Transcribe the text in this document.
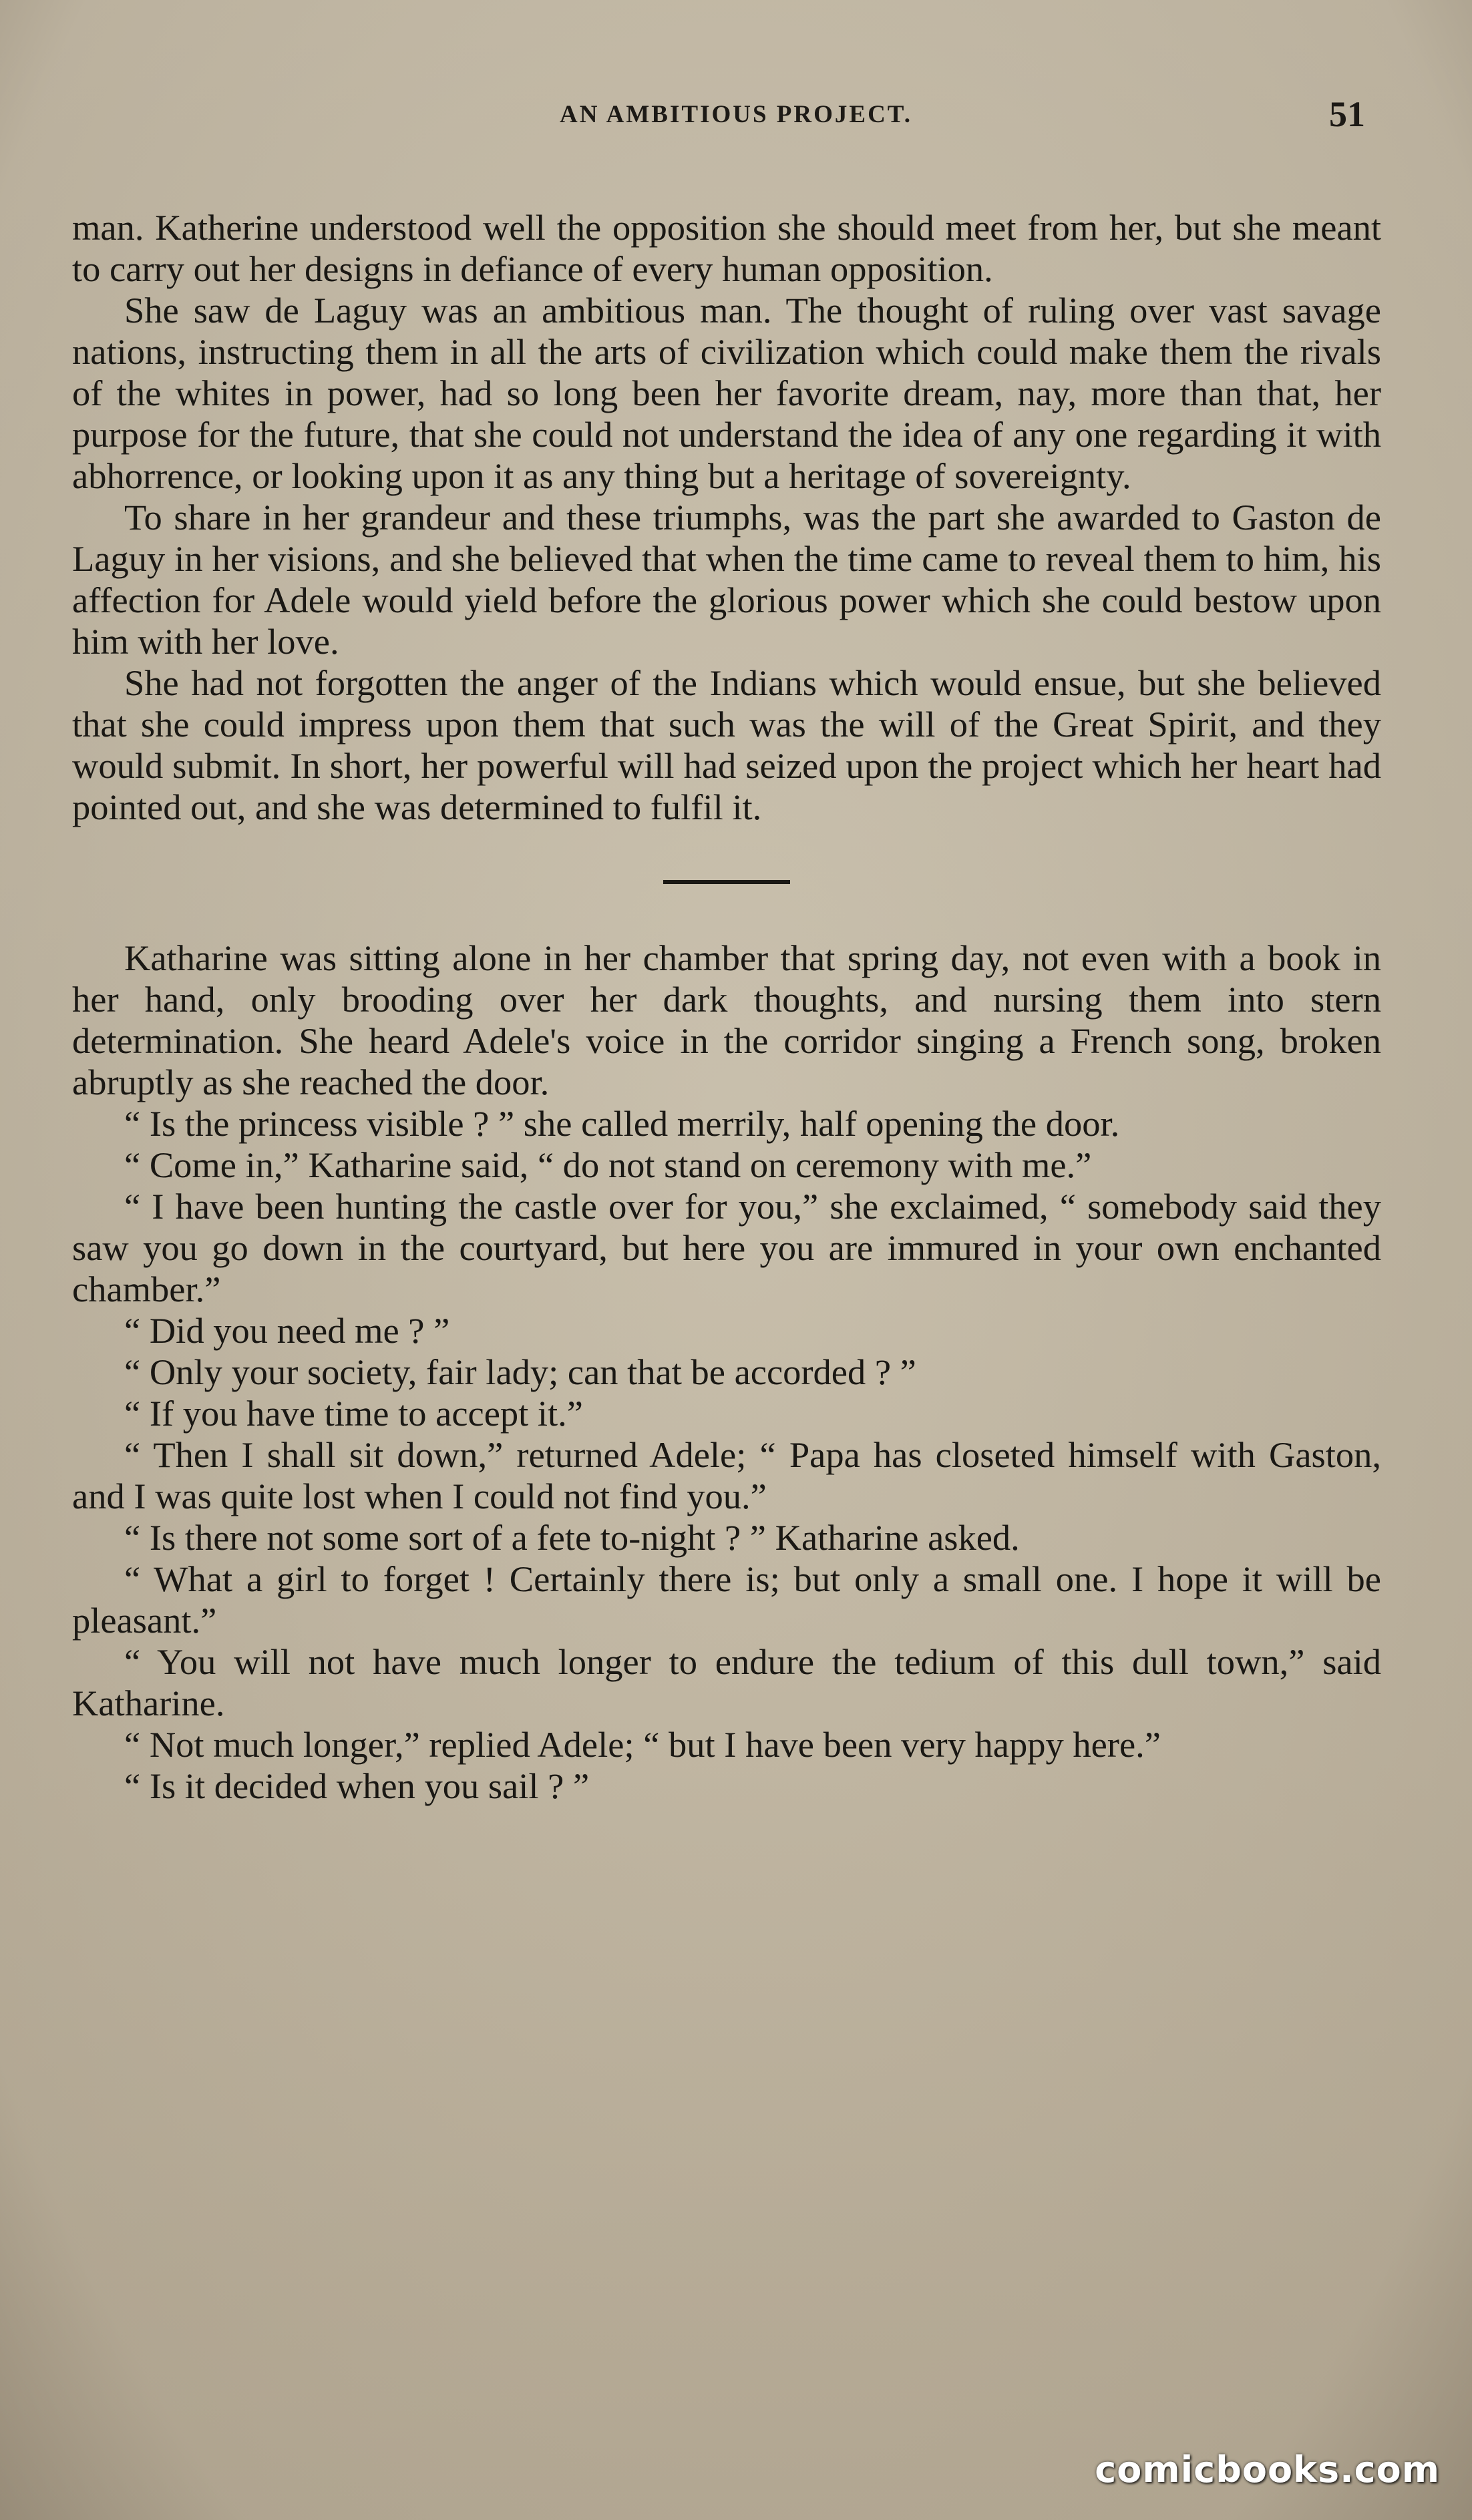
AN AMBITIOUS PROJECT.	51

man. Katherine understood well the opposition she should meet from her, but she meant to carry out her designs in defiance of every human opposition.

She saw de Laguy was an ambitious man. The thought of ruling over vast savage nations, instructing them in all the arts of civilization which could make them the rivals of the whites in power, had so long been her favorite dream, nay, more than that, her purpose for the future, that she could not understand the idea of any one regarding it with abhorrence, or looking upon it as any thing but a heritage of sovereignty.

To share in her grandeur and these triumphs, was the part she awarded to Gaston de Laguy in her visions, and she believed that when the time came to reveal them to him, his affection for Adele would yield before the glorious power which she could bestow upon him with her love.

She had not forgotten the anger of the Indians which would ensue, but she believed that she could impress upon them that such was the will of the Great Spirit, and they would submit. In short, her powerful will had seized upon the project which her heart had pointed out, and she was determined to fulfil it.

Katharine was sitting alone in her chamber that spring day, not even with a book in her hand, only brooding over her dark thoughts, and nursing them into stern determination. She heard Adele's voice in the corridor singing a French song, broken abruptly as she reached the door.

“ Is the princess visible ? ” she called merrily, half opening the door.

“ Come in,” Katharine said, “ do not stand on ceremony with me.”

“ I have been hunting the castle over for you,” she exclaimed, “ somebody said they saw you go down in the courtyard, but here you are immured in your own enchanted chamber.”

“ Did you need me ? ”

“ Only your society, fair lady; can that be accorded ? ”

“ If you have time to accept it.”

“ Then I shall sit down,” returned Adele; “ Papa has closeted himself with Gaston, and I was quite lost when I could not find you.”

“ Is there not some sort of a fete to-night ? ” Katharine asked.

“ What a girl to forget ! Certainly there is; but only a small one. I hope it will be pleasant.”

“ You will not have much longer to endure the tedium of this dull town,” said Katharine.

“ Not much longer,” replied Adele; “ but I have been very happy here.”

“ Is it decided when you sail ? ”

comicbooks.com
